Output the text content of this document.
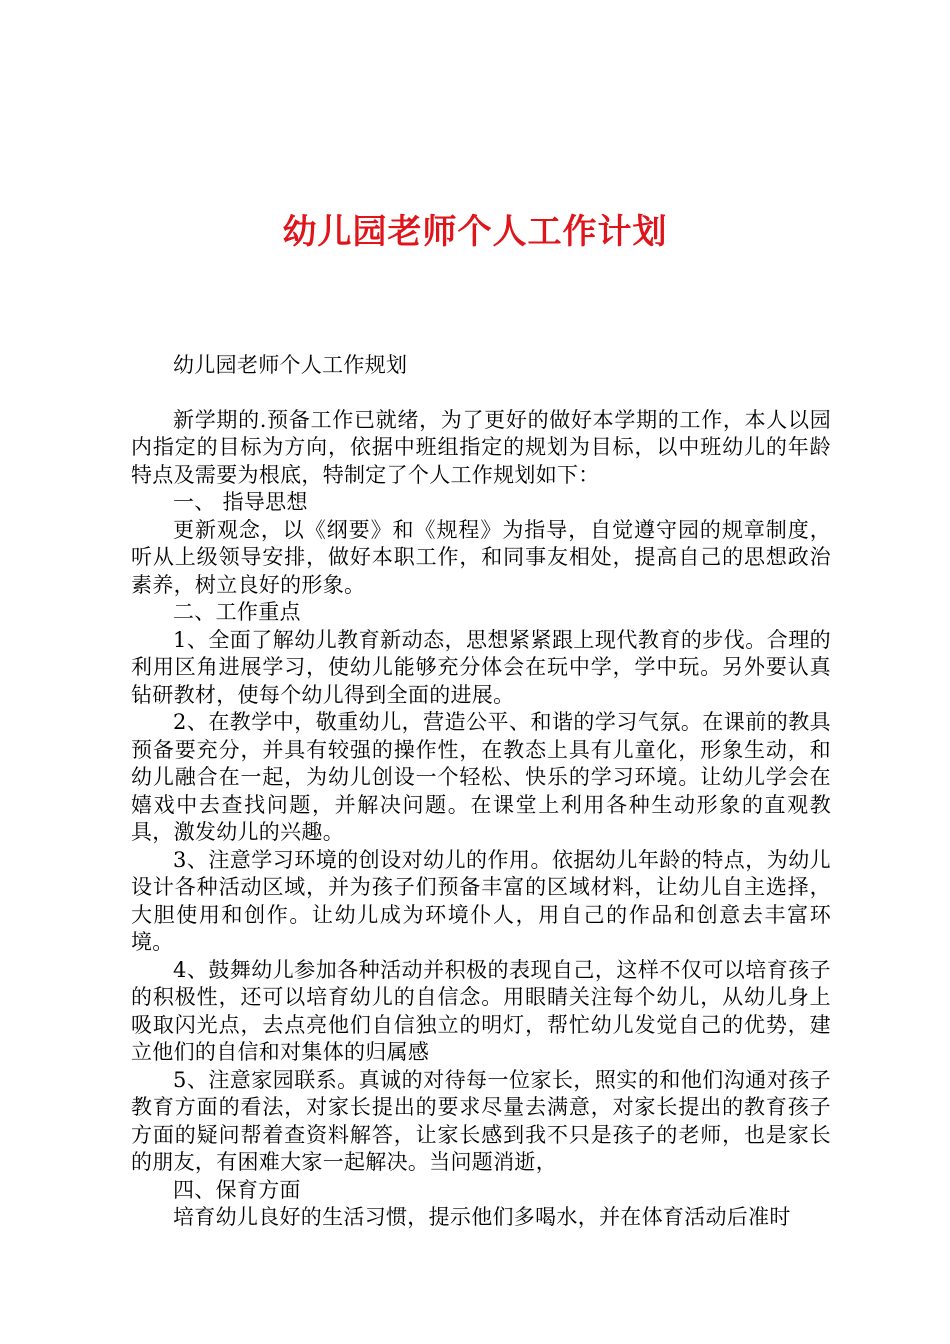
幼儿园老师个人工作计划

幼儿园老师个人工作规划

新学期的.预备工作已就绪，为了更好的做好本学期的工作，本人以园内指定的目标为方向，依据中班组指定的规划为目标，以中班幼儿的年龄特点及需要为根底，特制定了个人工作规划如下：

一、 指导思想

更新观念，以《纲要》和《规程》为指导，自觉遵守园的规章制度，听从上级领导安排，做好本职工作，和同事友相处，提高自己的思想政治素养，树立良好的形象。

二、工作重点

1、全面了解幼儿教育新动态，思想紧紧跟上现代教育的步伐。合理的利用区角进展学习，使幼儿能够充分体会在玩中学，学中玩。另外要认真钻研教材，使每个幼儿得到全面的进展。

2、在教学中，敬重幼儿，营造公平、和谐的学习气氛。在课前的教具预备要充分，并具有较强的操作性，在教态上具有儿童化，形象生动，和幼儿融合在一起，为幼儿创设一个轻松、快乐的学习环境。让幼儿学会在嬉戏中去查找问题，并解决问题。在课堂上利用各种生动形象的直观教具，激发幼儿的兴趣。

3、注意学习环境的创设对幼儿的作用。依据幼儿年龄的特点，为幼儿设计各种活动区域，并为孩子们预备丰富的区域材料，让幼儿自主选择，大胆使用和创作。让幼儿成为环境仆人，用自己的作品和创意去丰富环境。

4、鼓舞幼儿参加各种活动并积极的表现自己，这样不仅可以培育孩子的积极性，还可以培育幼儿的自信念。用眼睛关注每个幼儿，从幼儿身上吸取闪光点，去点亮他们自信独立的明灯，帮忙幼儿发觉自己的优势，建立他们的自信和对集体的归属感

5、注意家园联系。真诚的对待每一位家长，照实的和他们沟通对孩子教育方面的看法，对家长提出的要求尽量去满意，对家长提出的教育孩子方面的疑问帮着查资料解答，让家长感到我不只是孩子的老师，也是家长的朋友，有困难大家一起解决。当问题消逝，

四、保育方面

培育幼儿良好的生活习惯，提示他们多喝水，并在体育活动后准时
